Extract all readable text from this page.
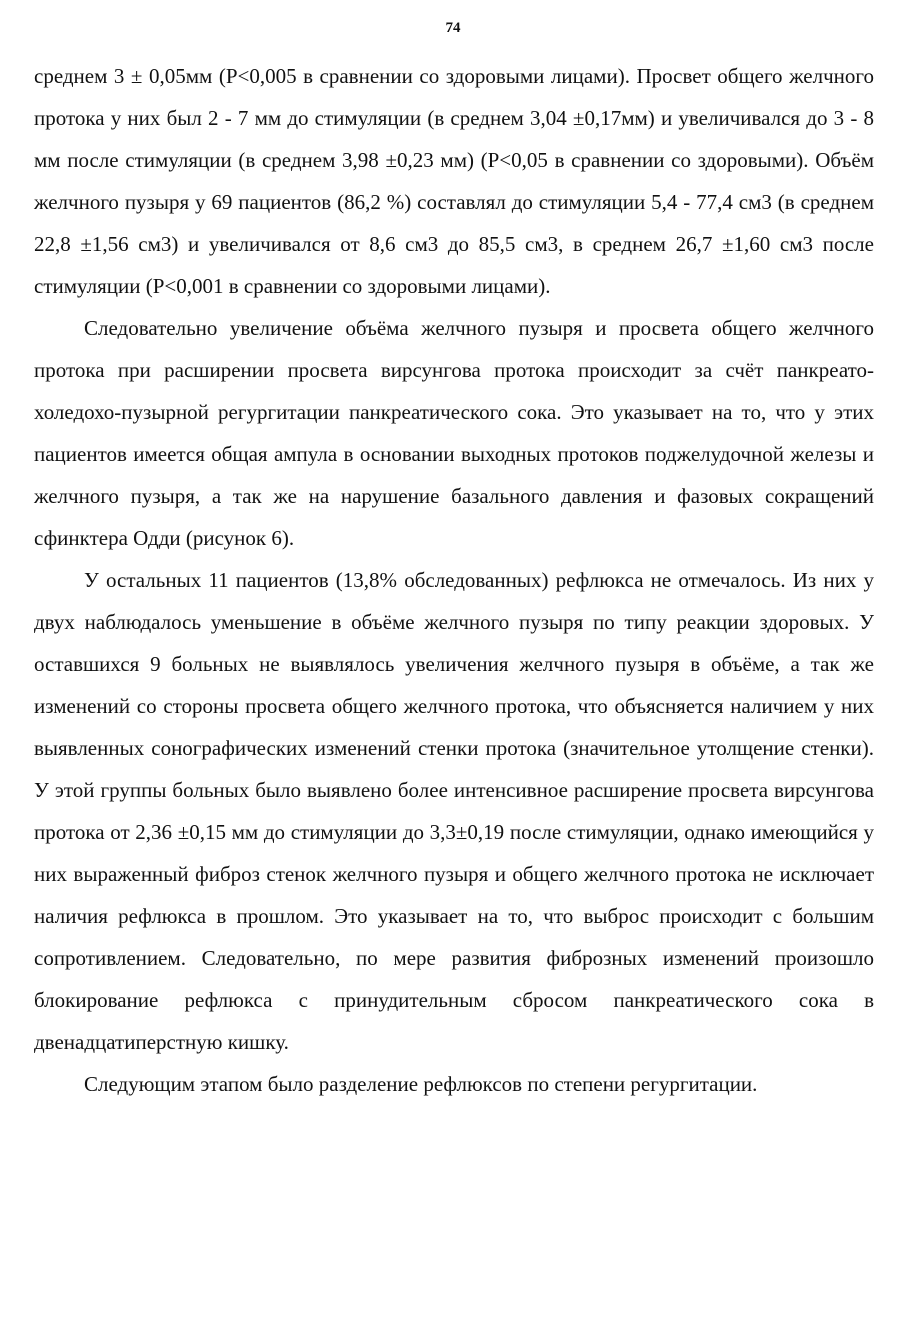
74

среднем 3 ± 0,05мм (Р<0,005 в сравнении со здоровыми лицами). Просвет общего желчного протока у них был 2 - 7 мм до стимуляции (в среднем 3,04 ±0,17мм) и увеличивался до 3 - 8 мм после стимуляции (в среднем 3,98 ±0,23 мм) (Р<0,05 в сравнении со здоровыми). Объём желчного пузыря у 69 пациентов (86,2 %) составлял до стимуляции 5,4 - 77,4 см3 (в среднем 22,8 ±1,56 см3) и увеличивался от 8,6 см3 до 85,5 см3, в среднем 26,7 ±1,60 см3 после стимуляции (Р<0,001 в сравнении со здоровыми лицами).

Следовательно увеличение объёма желчного пузыря и просвета общего желчного протока при расширении просвета вирсунгова протока происходит за счёт панкреато-холедохо-пузырной регургитации панкреатического сока. Это указывает на то, что у этих пациентов имеется общая ампула в основании выходных протоков поджелудочной железы и желчного пузыря, а так же на нарушение базального давления и фазовых сокращений сфинктера Одди (рисунок 6).

У остальных 11 пациентов (13,8% обследованных) рефлюкса не отмечалось. Из них у двух наблюдалось уменьшение в объёме желчного пузыря по типу реакции здоровых. У оставшихся 9 больных не выявлялось увеличения желчного пузыря в объёме, а так же изменений со стороны просвета общего желчного протока, что объясняется наличием у них выявленных сонографических изменений стенки протока (значительное утолщение стенки). У этой группы больных было выявлено более интенсивное расширение просвета вирсунгова протока от 2,36 ±0,15 мм до стимуляции до 3,3±0,19 после стимуляции, однако имеющийся у них выраженный фиброз стенок желчного пузыря и общего желчного протока не исключает наличия рефлюкса в прошлом. Это указывает на то, что выброс происходит с большим сопротивлением. Следовательно, по мере развития фиброзных изменений произошло блокирование рефлюкса с принудительным сбросом панкреатического сока в двенадцатиперстную кишку.

Следующим этапом было разделение рефлюксов по степени регургитации.
